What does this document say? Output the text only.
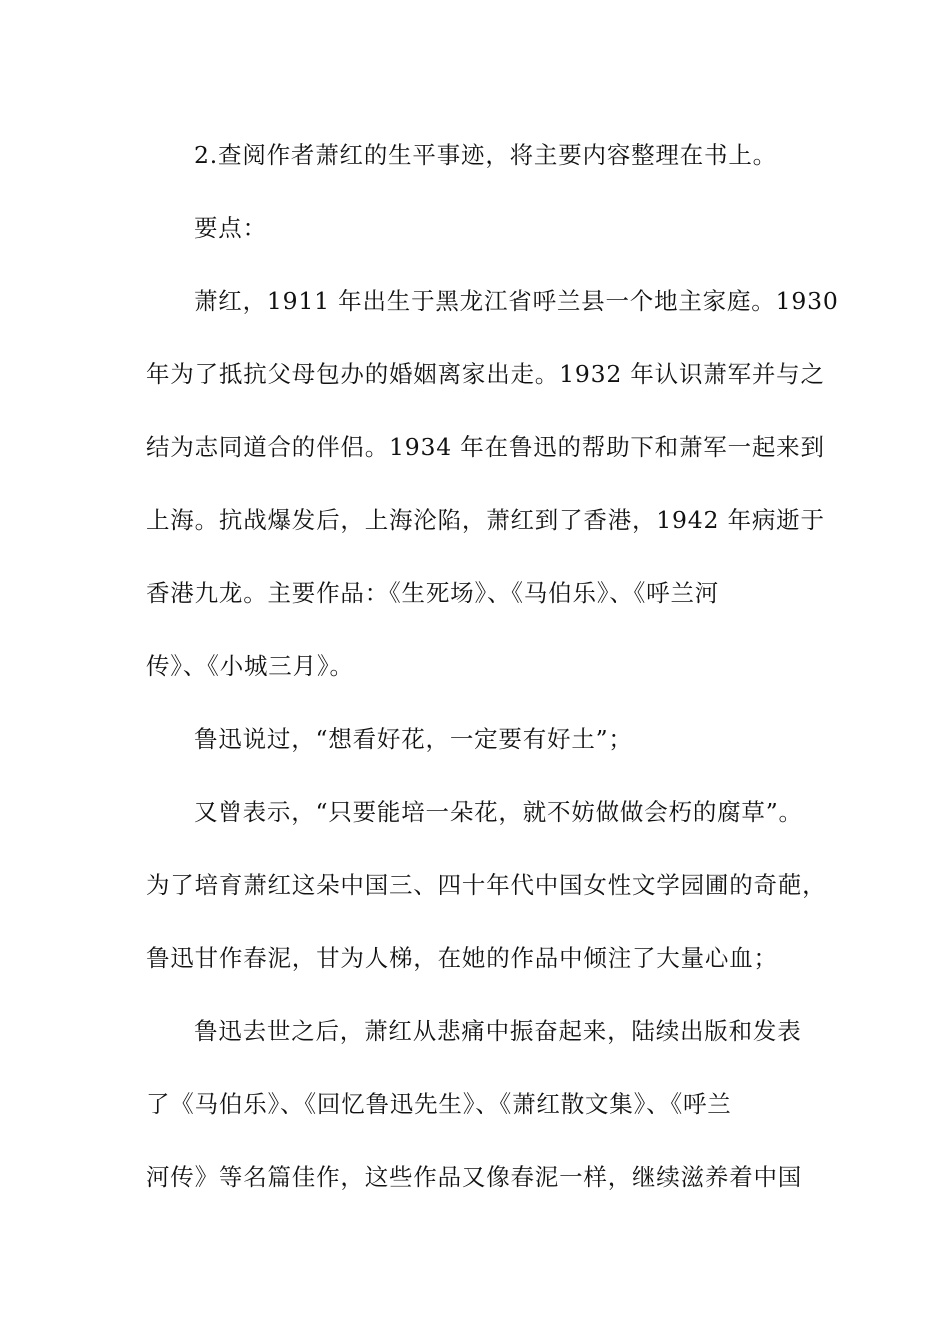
2.查阅作者萧红的生平事迹，将主要内容整理在书上。
要点：
萧红，1911 年出生于黑龙江省呼兰县一个地主家庭。1930
年为了抵抗父母包办的婚姻离家出走。1932 年认识萧军并与之
结为志同道合的伴侣。1934 年在鲁迅的帮助下和萧军一起来到
上海。抗战爆发后，上海沦陷，萧红到了香港，1942 年病逝于
香港九龙。主要作品：《生死场》、《马伯乐》、《呼兰河
传》、《小城三月》。
鲁迅说过，“想看好花，一定要有好土”；
又曾表示，“只要能培一朵花，就不妨做做会朽的腐草”。
为了培育萧红这朵中国三、四十年代中国女性文学园圃的奇葩，
鲁迅甘作春泥，甘为人梯，在她的作品中倾注了大量心血；
鲁迅去世之后，萧红从悲痛中振奋起来，陆续出版和发表
了《马伯乐》、《回忆鲁迅先生》、《萧红散文集》、《呼兰
河传》等名篇佳作，这些作品又像春泥一样，继续滋养着中国
